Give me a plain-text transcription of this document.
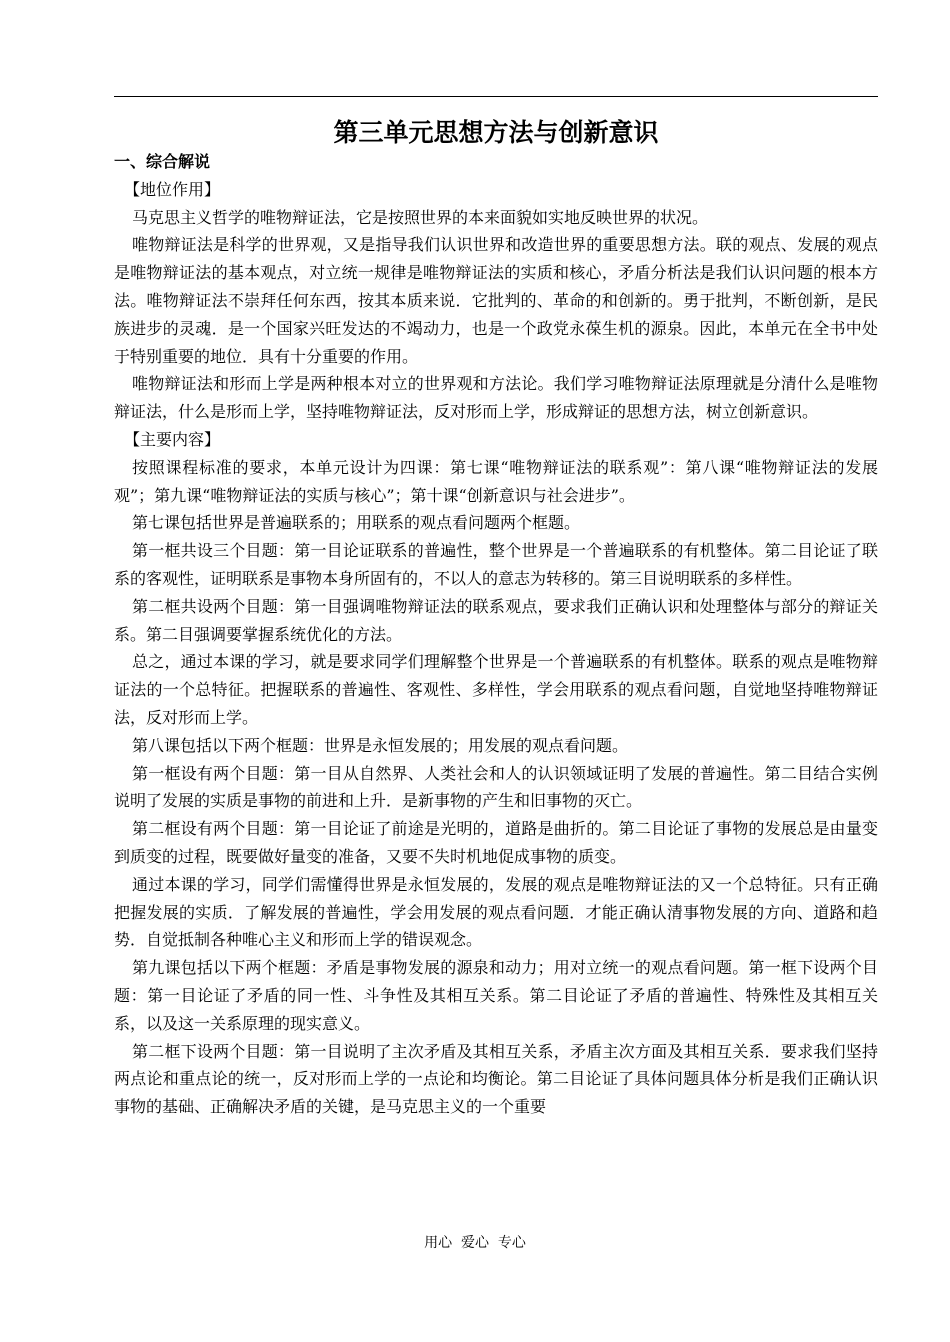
第三单元思想方法与创新意识

一、综合解说

【地位作用】

马克思主义哲学的唯物辩证法，它是按照世界的本来面貌如实地反映世界的状况。

唯物辩证法是科学的世界观，又是指导我们认识世界和改造世界的重要思想方法。联的观点、发展的观点是唯物辩证法的基本观点，对立统一规律是唯物辩证法的实质和核心，矛盾分析法是我们认识问题的根本方法。唯物辩证法不崇拜任何东西，按其本质来说．它批判的、革命的和创新的。勇于批判，不断创新，是民族进步的灵魂．是一个国家兴旺发达的不竭动力，也是一个政党永葆生机的源泉。因此，本单元在全书中处于特别重要的地位．具有十分重要的作用。

唯物辩证法和形而上学是两种根本对立的世界观和方法论。我们学习唯物辩证法原理就是分清什么是唯物辩证法，什么是形而上学，坚持唯物辩证法，反对形而上学，形成辩证的思想方法，树立创新意识。

【主要内容】

按照课程标准的要求，本单元设计为四课：第七课“唯物辩证法的联系观”：第八课“唯物辩证法的发展观”；第九课“唯物辩证法的实质与核心”；第十课“创新意识与社会进步”。

第七课包括世界是普遍联系的；用联系的观点看问题两个框题。

第一框共设三个目题：第一目论证联系的普遍性，整个世界是一个普遍联系的有机整体。第二目论证了联系的客观性，证明联系是事物本身所固有的，不以人的意志为转移的。第三目说明联系的多样性。

第二框共设两个目题：第一目强调唯物辩证法的联系观点，要求我们正确认识和处理整体与部分的辩证关系。第二目强调要掌握系统优化的方法。

总之，通过本课的学习，就是要求同学们理解整个世界是一个普遍联系的有机整体。联系的观点是唯物辩证法的一个总特征。把握联系的普遍性、客观性、多样性，学会用联系的观点看问题，自觉地坚持唯物辩证法，反对形而上学。

第八课包括以下两个框题：世界是永恒发展的；用发展的观点看问题。

第一框设有两个目题：第一目从自然界、人类社会和人的认识领域证明了发展的普遍性。第二目结合实例说明了发展的实质是事物的前进和上升．是新事物的产生和旧事物的灭亡。

第二框设有两个目题：第一目论证了前途是光明的，道路是曲折的。第二目论证了事物的发展总是由量变到质变的过程，既要做好量变的准备，又要不失时机地促成事物的质变。

通过本课的学习，同学们需懂得世界是永恒发展的，发展的观点是唯物辩证法的又一个总特征。只有正确把握发展的实质．了解发展的普遍性，学会用发展的观点看问题．才能正确认清事物发展的方向、道路和趋势．自觉抵制各种唯心主义和形而上学的错误观念。

第九课包括以下两个框题：矛盾是事物发展的源泉和动力；用对立统一的观点看问题。第一框下设两个目题：第一目论证了矛盾的同一性、斗争性及其相互关系。第二目论证了矛盾的普遍性、特殊性及其相互关系，以及这一关系原理的现实意义。

第二框下设两个目题：第一目说明了主次矛盾及其相互关系，矛盾主次方面及其相互关系．要求我们坚持两点论和重点论的统一，反对形而上学的一点论和均衡论。第二目论证了具体问题具体分析是我们正确认识事物的基础、正确解决矛盾的关键，是马克思主义的一个重要

用心  爱心  专心
